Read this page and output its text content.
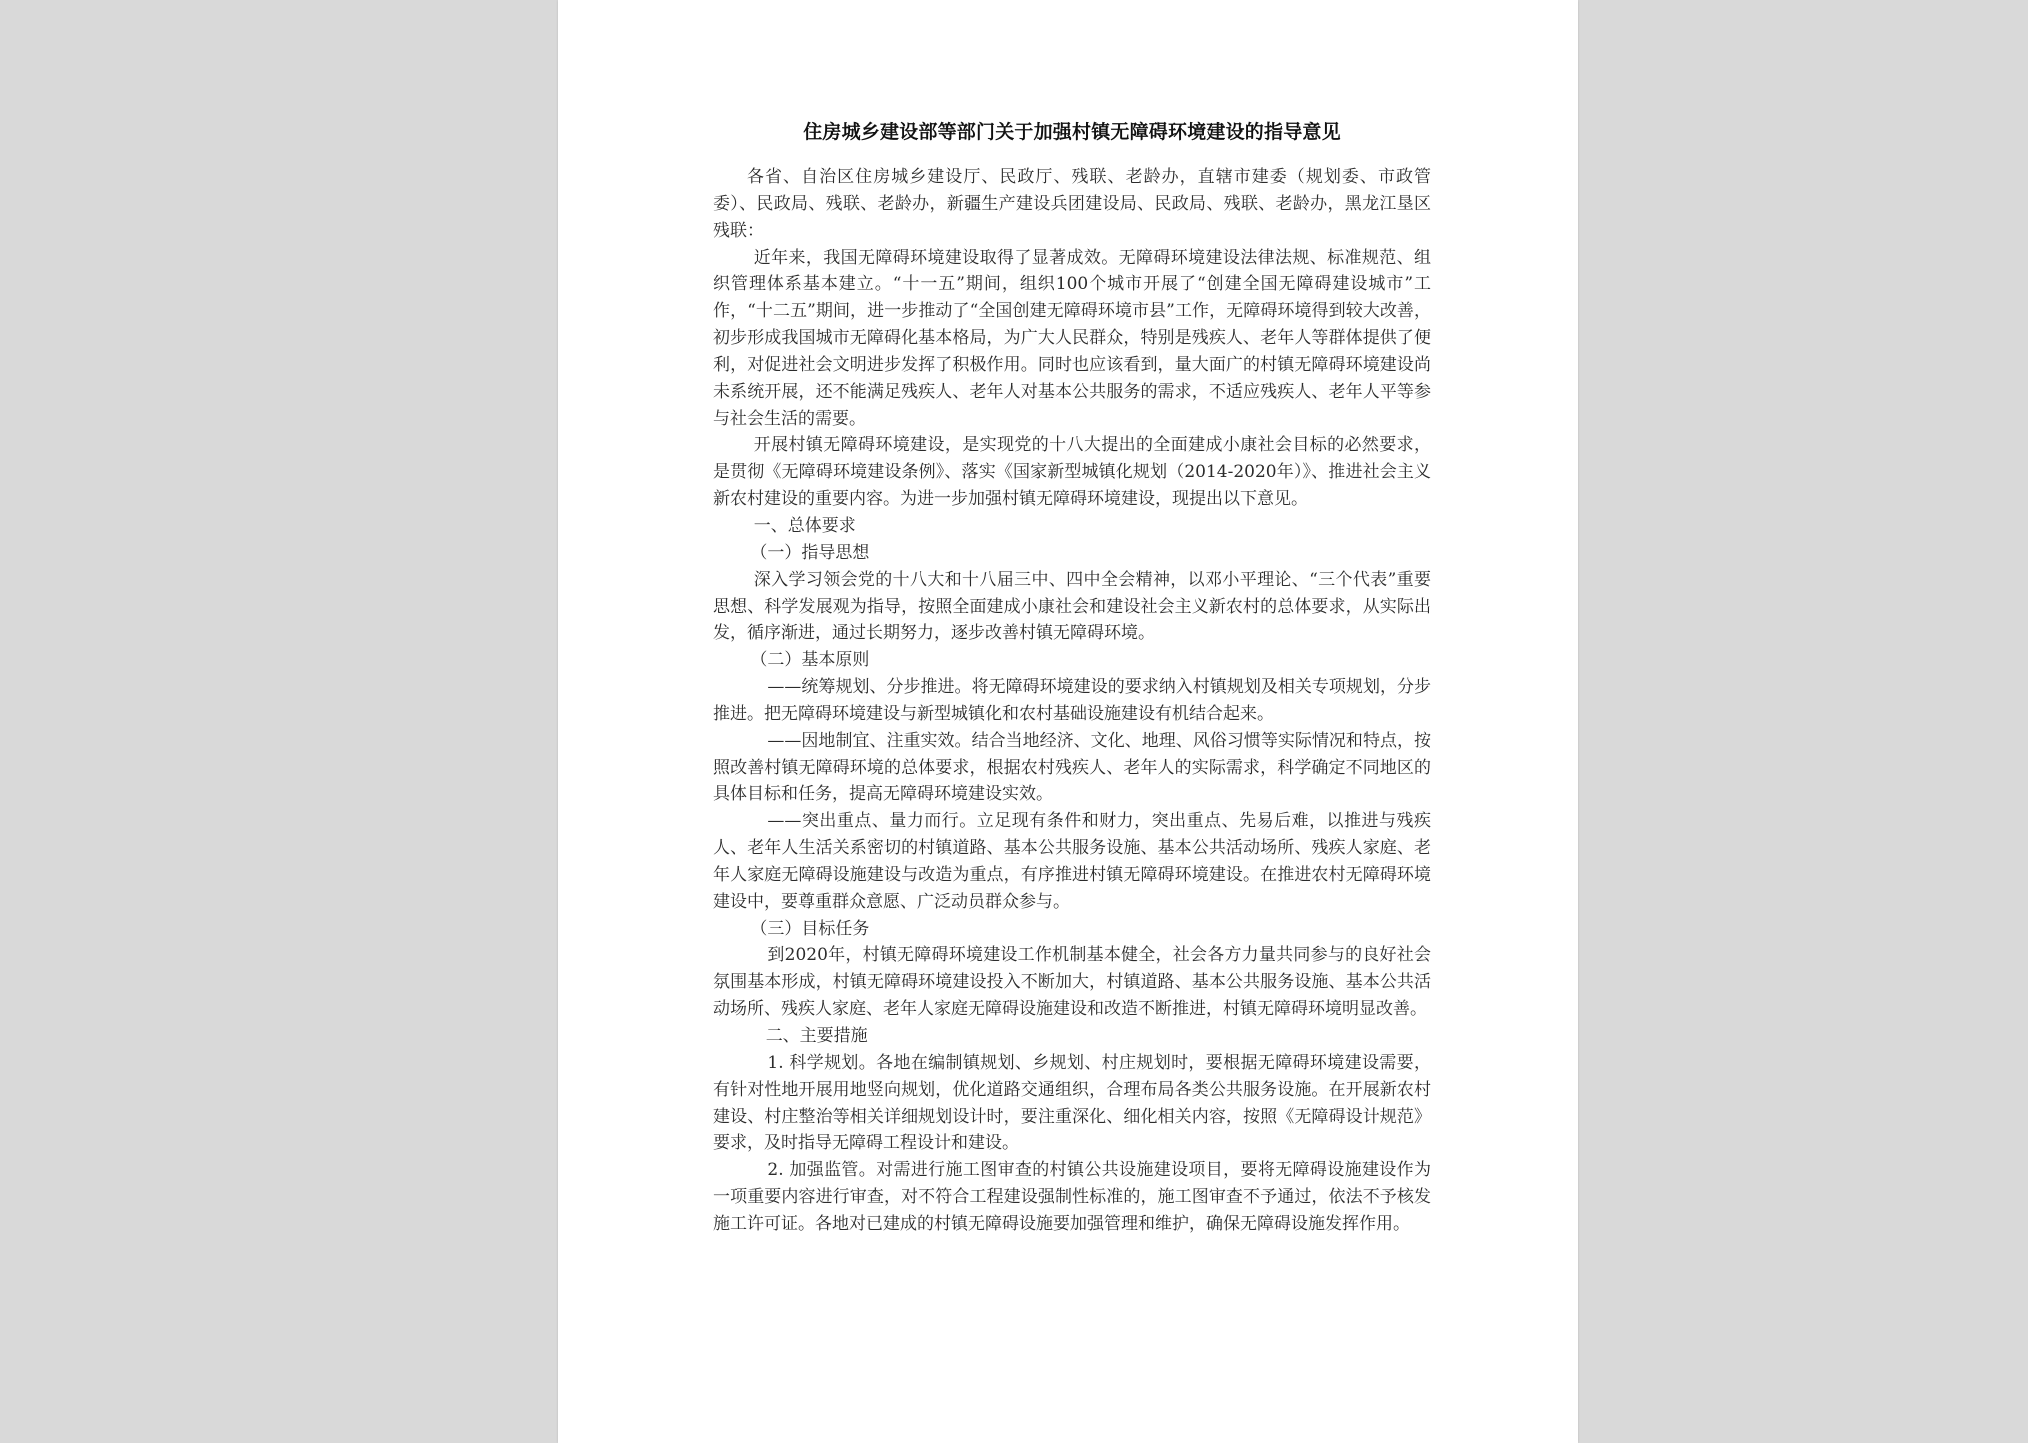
住房城乡建设部等部门关于加强村镇无障碍环境建设的指导意见

各省、自治区住房城乡建设厅、民政厅、残联、老龄办，直辖市建委（规划委、市政管委）、民政局、残联、老龄办，新疆生产建设兵团建设局、民政局、残联、老龄办，黑龙江垦区残联：

近年来，我国无障碍环境建设取得了显著成效。无障碍环境建设法律法规、标准规范、组织管理体系基本建立。“十一五”期间，组织100个城市开展了“创建全国无障碍建设城市”工作，“十二五”期间，进一步推动了“全国创建无障碍环境市县”工作，无障碍环境得到较大改善，初步形成我国城市无障碍化基本格局，为广大人民群众，特别是残疾人、老年人等群体提供了便利，对促进社会文明进步发挥了积极作用。同时也应该看到，量大面广的村镇无障碍环境建设尚未系统开展，还不能满足残疾人、老年人对基本公共服务的需求，不适应残疾人、老年人平等参与社会生活的需要。

开展村镇无障碍环境建设，是实现党的十八大提出的全面建成小康社会目标的必然要求，是贯彻《无障碍环境建设条例》、落实《国家新型城镇化规划（2014-2020年）》、推进社会主义新农村建设的重要内容。为进一步加强村镇无障碍环境建设，现提出以下意见。

一、总体要求

（一）指导思想

深入学习领会党的十八大和十八届三中、四中全会精神，以邓小平理论、“三个代表”重要思想、科学发展观为指导，按照全面建成小康社会和建设社会主义新农村的总体要求，从实际出发，循序渐进，通过长期努力，逐步改善村镇无障碍环境。

（二）基本原则

——统筹规划、分步推进。将无障碍环境建设的要求纳入村镇规划及相关专项规划，分步推进。把无障碍环境建设与新型城镇化和农村基础设施建设有机结合起来。

——因地制宜、注重实效。结合当地经济、文化、地理、风俗习惯等实际情况和特点，按照改善村镇无障碍环境的总体要求，根据农村残疾人、老年人的实际需求，科学确定不同地区的具体目标和任务，提高无障碍环境建设实效。

——突出重点、量力而行。立足现有条件和财力，突出重点、先易后难，以推进与残疾人、老年人生活关系密切的村镇道路、基本公共服务设施、基本公共活动场所、残疾人家庭、老年人家庭无障碍设施建设与改造为重点，有序推进村镇无障碍环境建设。在推进农村无障碍环境建设中，要尊重群众意愿、广泛动员群众参与。

（三）目标任务

到2020年，村镇无障碍环境建设工作机制基本健全，社会各方力量共同参与的良好社会氛围基本形成，村镇无障碍环境建设投入不断加大，村镇道路、基本公共服务设施、基本公共活动场所、残疾人家庭、老年人家庭无障碍设施建设和改造不断推进，村镇无障碍环境明显改善。

二、主要措施

1. 科学规划。各地在编制镇规划、乡规划、村庄规划时，要根据无障碍环境建设需要，有针对性地开展用地竖向规划，优化道路交通组织，合理布局各类公共服务设施。在开展新农村建设、村庄整治等相关详细规划设计时，要注重深化、细化相关内容，按照《无障碍设计规范》要求，及时指导无障碍工程设计和建设。

2. 加强监管。对需进行施工图审查的村镇公共设施建设项目，要将无障碍设施建设作为一项重要内容进行审查，对不符合工程建设强制性标准的，施工图审查不予通过，依法不予核发施工许可证。各地对已建成的村镇无障碍设施要加强管理和维护，确保无障碍设施发挥作用。
